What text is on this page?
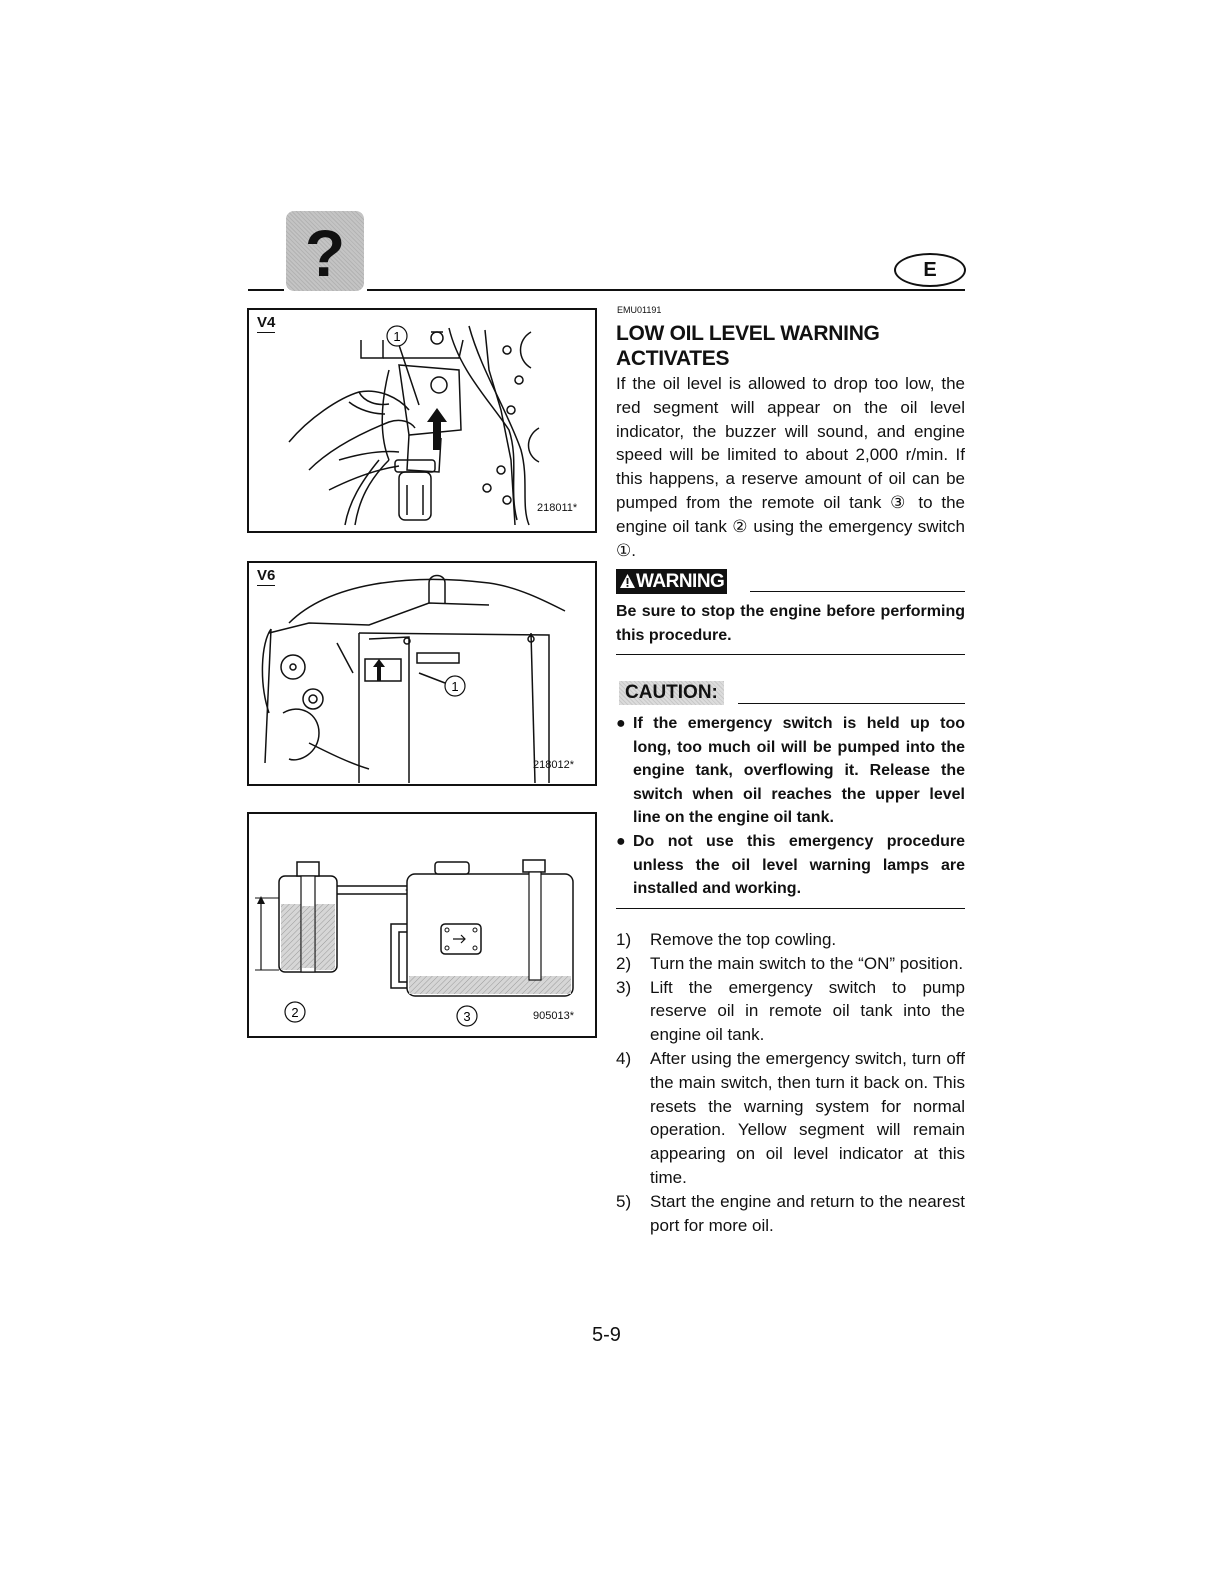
?	E
V4
1
218011*
V6
1
218012*
2	3	905013*
EMU01191
LOW OIL LEVEL WARNING
ACTIVATES
If the oil level is allowed to drop too low, the red segment will appear on the oil level indicator, the buzzer will sound, and engine speed will be limited to about 2,000 r/min. If this happens, a reserve amount of oil can be pumped from the remote oil tank ③ to the engine oil tank ② using the emergency switch ①.
WARNING
Be sure to stop the engine before performing this procedure.
CAUTION:
● If the emergency switch is held up too long, too much oil will be pumped into the engine tank, overflowing it. Release the switch when oil reaches the upper level line on the engine oil tank.
● Do not use this emergency procedure unless the oil level warning lamps are installed and working.
1) Remove the top cowling.
2) Turn the main switch to the “ON” position.
3) Lift the emergency switch to pump reserve oil in remote oil tank into the engine oil tank.
4) After using the emergency switch, turn off the main switch, then turn it back on. This resets the warning system for normal operation. Yellow segment will remain appearing on oil level indicator at this time.
5) Start the engine and return to the nearest port for more oil.
5-9
